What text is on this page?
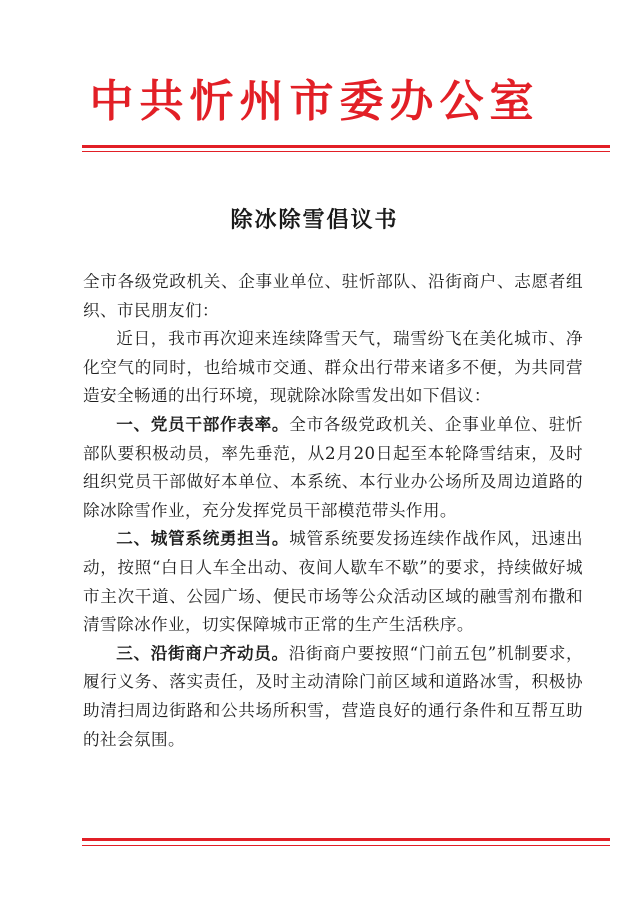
中共忻州市委办公室
除冰除雪倡议书

全市各级党政机关、企事业单位、驻忻部队、沿街商户、志愿者组织、市民朋友们：

近日，我市再次迎来连续降雪天气，瑞雪纷飞在美化城市、净化空气的同时，也给城市交通、群众出行带来诸多不便，为共同营造安全畅通的出行环境，现就除冰除雪发出如下倡议：

一、党员干部作表率。全市各级党政机关、企事业单位、驻忻部队要积极动员，率先垂范，从2月20日起至本轮降雪结束，及时组织党员干部做好本单位、本系统、本行业办公场所及周边道路的除冰除雪作业，充分发挥党员干部模范带头作用。

二、城管系统勇担当。城管系统要发扬连续作战作风，迅速出动，按照“白日人车全出动、夜间人歇车不歇”的要求，持续做好城市主次干道、公园广场、便民市场等公众活动区域的融雪剂布撒和清雪除冰作业，切实保障城市正常的生产生活秩序。

三、沿街商户齐动员。沿街商户要按照“门前五包”机制要求，履行义务、落实责任，及时主动清除门前区域和道路冰雪，积极协助清扫周边街路和公共场所积雪，营造良好的通行条件和互帮互助的社会氛围。
